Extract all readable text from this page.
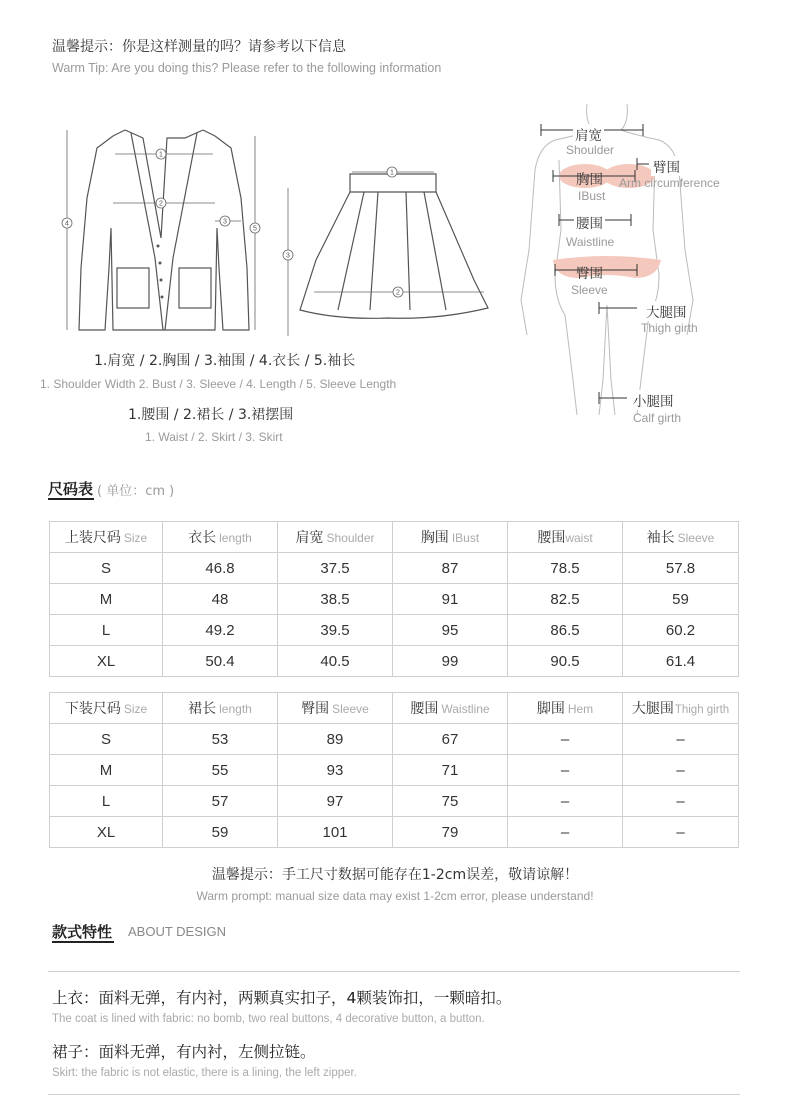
温馨提示：你是这样测量的吗？请参考以下信息
Warm Tip: Are you doing this? Please refer to the following information
1
2
3
4
5
1
2
3
1.肩宽 / 2.胸围 / 3.袖围 / 4.衣长 / 5.袖长
1. Shoulder Width 2. Bust / 3. Sleeve / 4. Length / 5. Sleeve Length
1.腰围 / 2.裙长 / 3.裙摆围
1. Waist / 2. Skirt / 3. Skirt
肩宽
Shoulder
臂围
Arm circumference
胸围
IBust
腰围
Waistline
臀围
Sleeve
大腿围
Thigh girth
小腿围
Calf girth
尺码表 ( 单位：cm )
上装尺码 Size	衣长 length	肩宽 Shoulder	胸围 IBust	腰围waist	袖长 Sleeve
S	46.8	37.5	87	78.5	57.8
M	48	38.5	91	82.5	59
L	49.2	39.5	95	86.5	60.2
XL	50.4	40.5	99	90.5	61.4
下装尺码 Size	裙长 length	臀围 Sleeve	腰围 Waistline	脚围 Hem	大腿围Thigh girth
S	53	89	67	–	–
M	55	93	71	–	–
L	57	97	75	–	–
XL	59	101	79	–	–
温馨提示：手工尺寸数据可能存在1-2cm误差，敬请谅解！
Warm prompt: manual size data may exist 1-2cm error, please understand!
款式特性 ABOUT DESIGN
上衣：面料无弹，有内衬，两颗真实扣子，4颗装饰扣，一颗暗扣。
The coat is lined with fabric: no bomb, two real buttons, 4 decorative button, a button.
裙子：面料无弹，有内衬，左侧拉链。
Skirt: the fabric is not elastic, there is a lining, the left zipper.
